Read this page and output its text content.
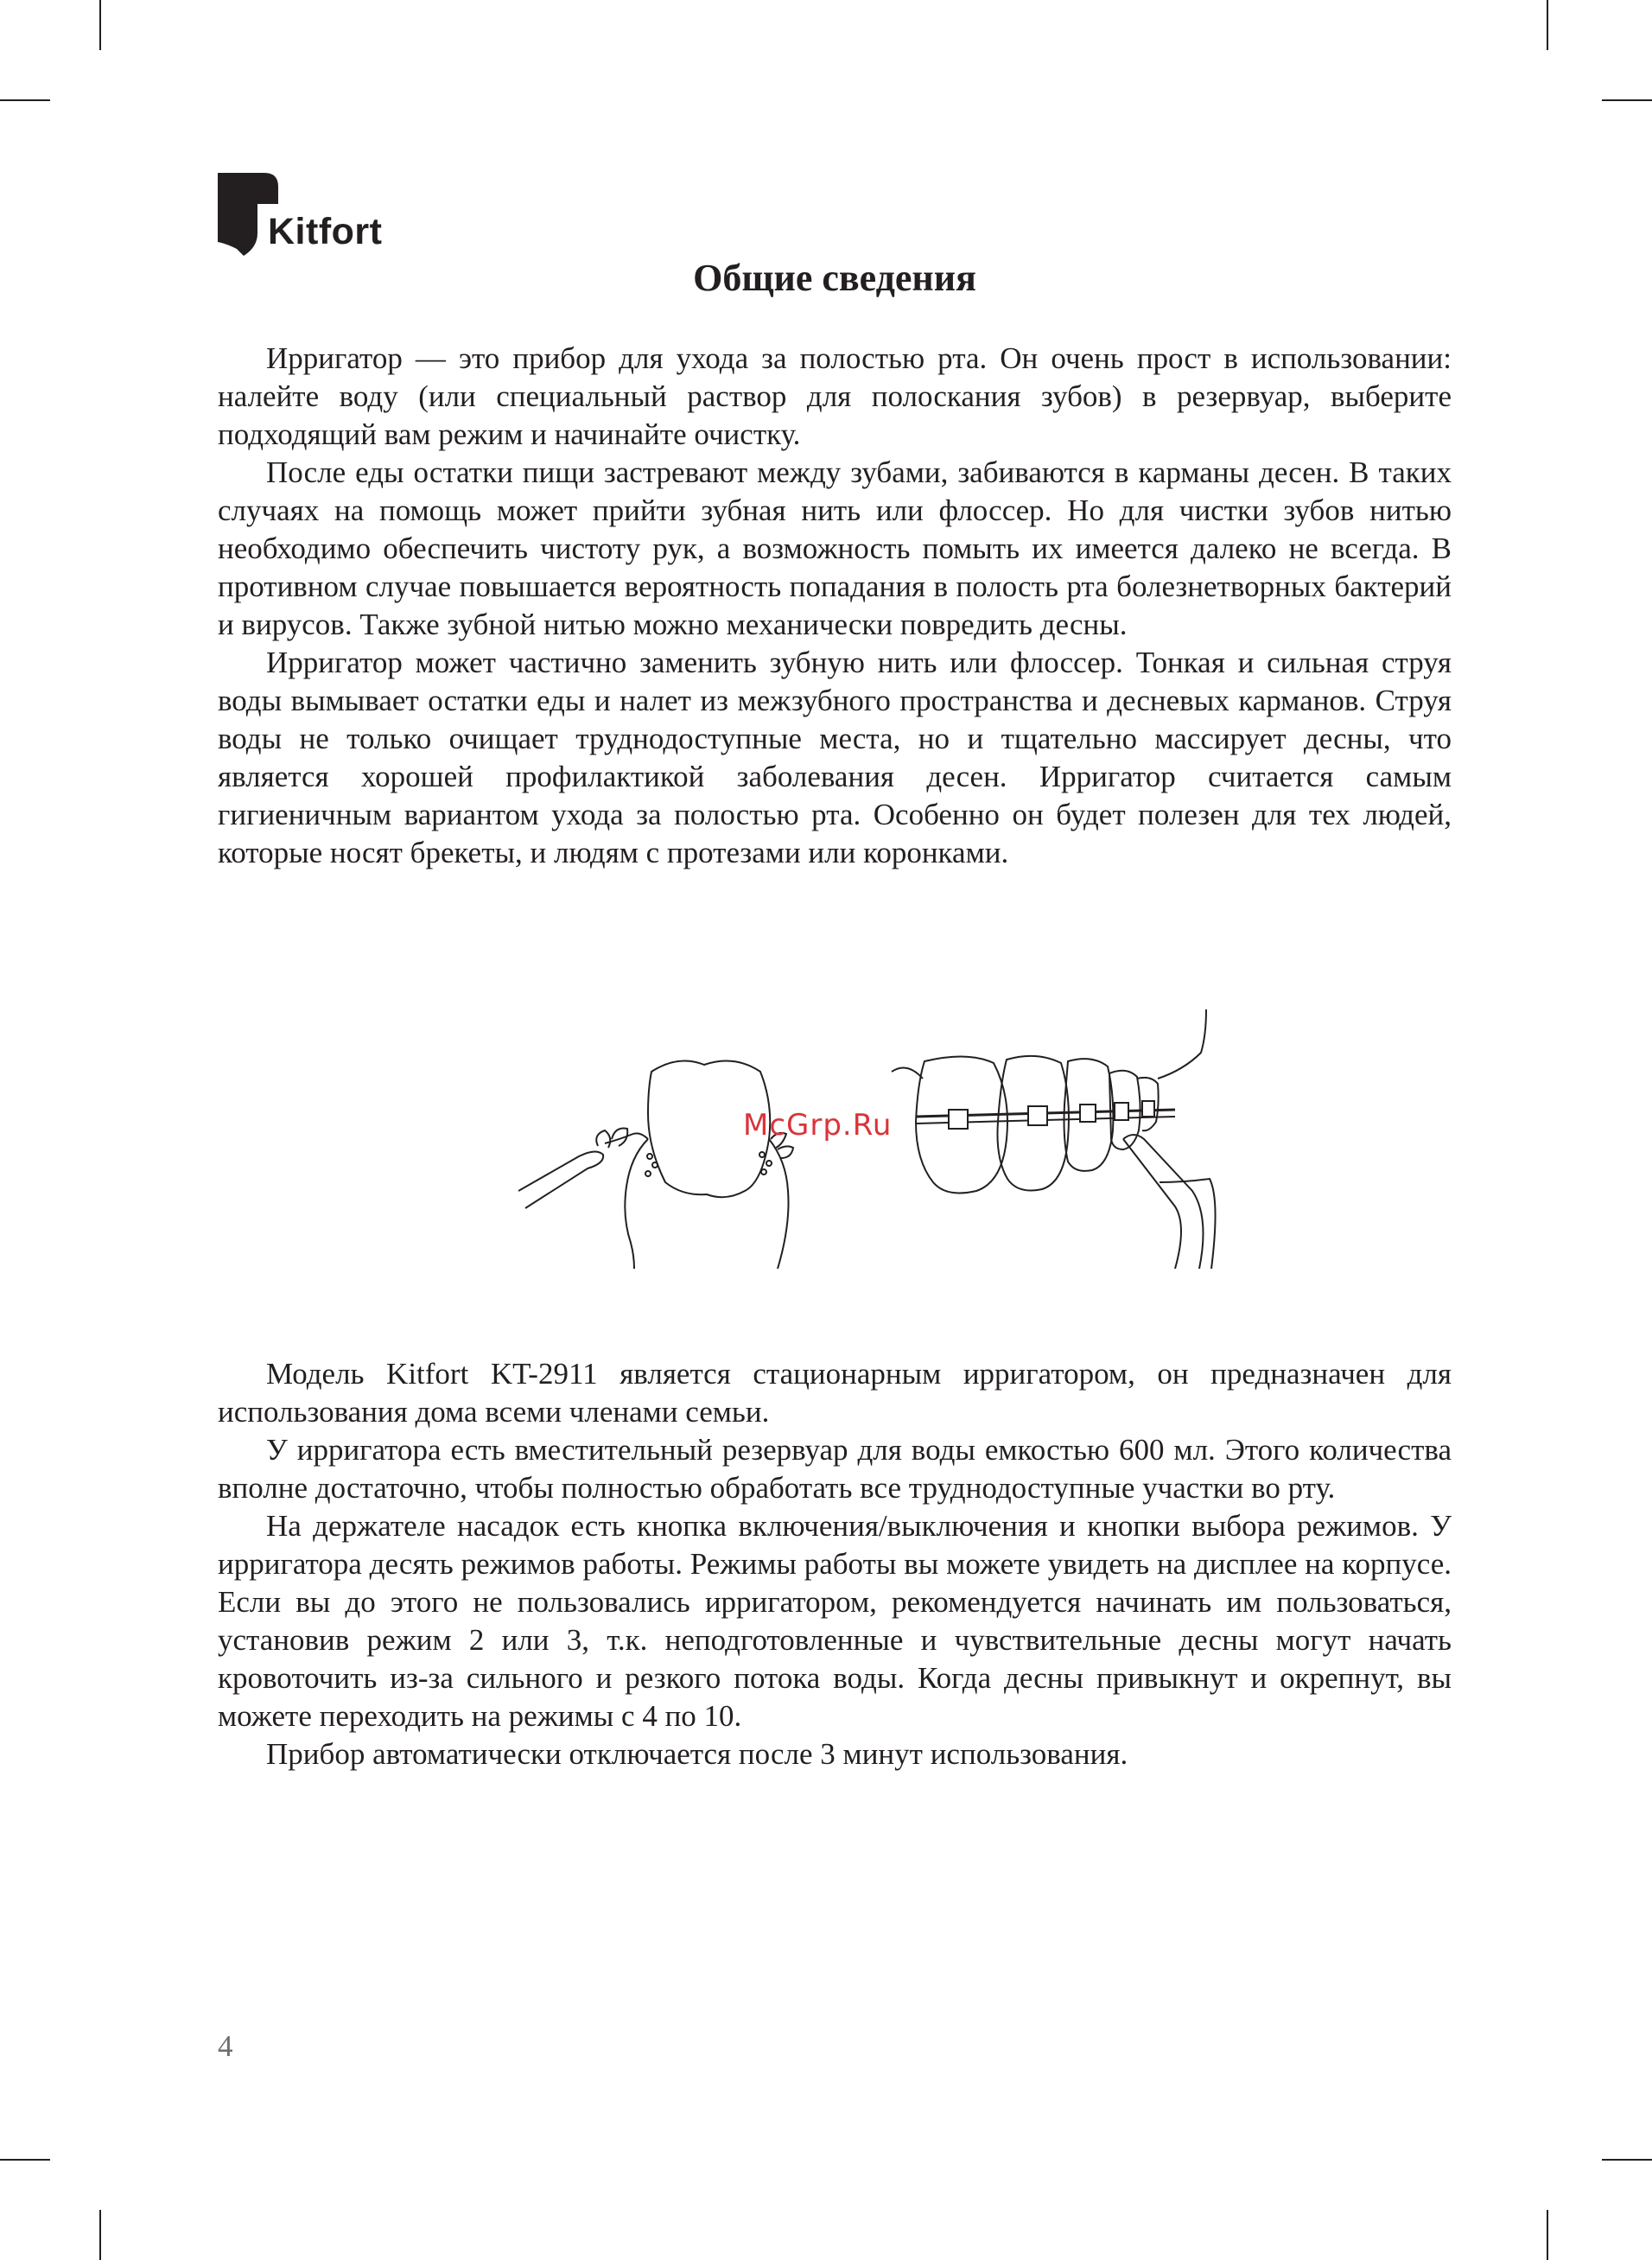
Kitfort
Общие сведения

Ирригатор — это прибор для ухода за полостью рта. Он очень прост в использовании: налейте воду (или специальный раствор для полоскания зубов) в резервуар, выберите подходящий вам режим и начинайте очистку.

После еды остатки пищи застревают между зубами, забиваются в карманы десен. В таких случаях на помощь может прийти зубная нить или флоссер. Но для чистки зубов нитью необходимо обеспечить чистоту рук, а возможность помыть их имеется далеко не всегда. В противном случае повышается вероятность попадания в полость рта болезнетворных бактерий и вирусов. Также зубной нитью можно механически повредить десны.

Ирригатор может частично заменить зубную нить или флоссер. Тонкая и сильная струя воды вымывает остатки еды и налет из межзубного пространства и десневых карманов. Струя воды не только очищает труднодоступные места, но и тщательно массирует десны, что является хорошей профилактикой заболевания десен. Ирригатор считается самым гигиеничным вариантом ухода за полостью рта. Особенно он будет полезен для тех людей, которые носят брекеты, и людям с протезами или коронками.

McGrp.Ru

Модель Kitfort KT-2911 является стационарным ирригатором, он предназначен для использования дома всеми членами семьи.

У ирригатора есть вместительный резервуар для воды емкостью 600 мл. Этого количества вполне достаточно, чтобы полностью обработать все труднодоступные участки во рту.

На держателе насадок есть кнопка включения/выключения и кнопки выбора режимов. У ирригатора десять режимов работы. Режимы работы вы можете увидеть на дисплее на корпусе. Если вы до этого не пользовались ирригатором, рекомендуется начинать им пользоваться, установив режим 2 или 3, т.к. неподготовленные и чувствительные десны могут начать кровоточить из-за сильного и резкого потока воды. Когда десны привыкнут и окрепнут, вы можете переходить на режимы с 4 по 10.

Прибор автоматически отключается после 3 минут использования.

4
